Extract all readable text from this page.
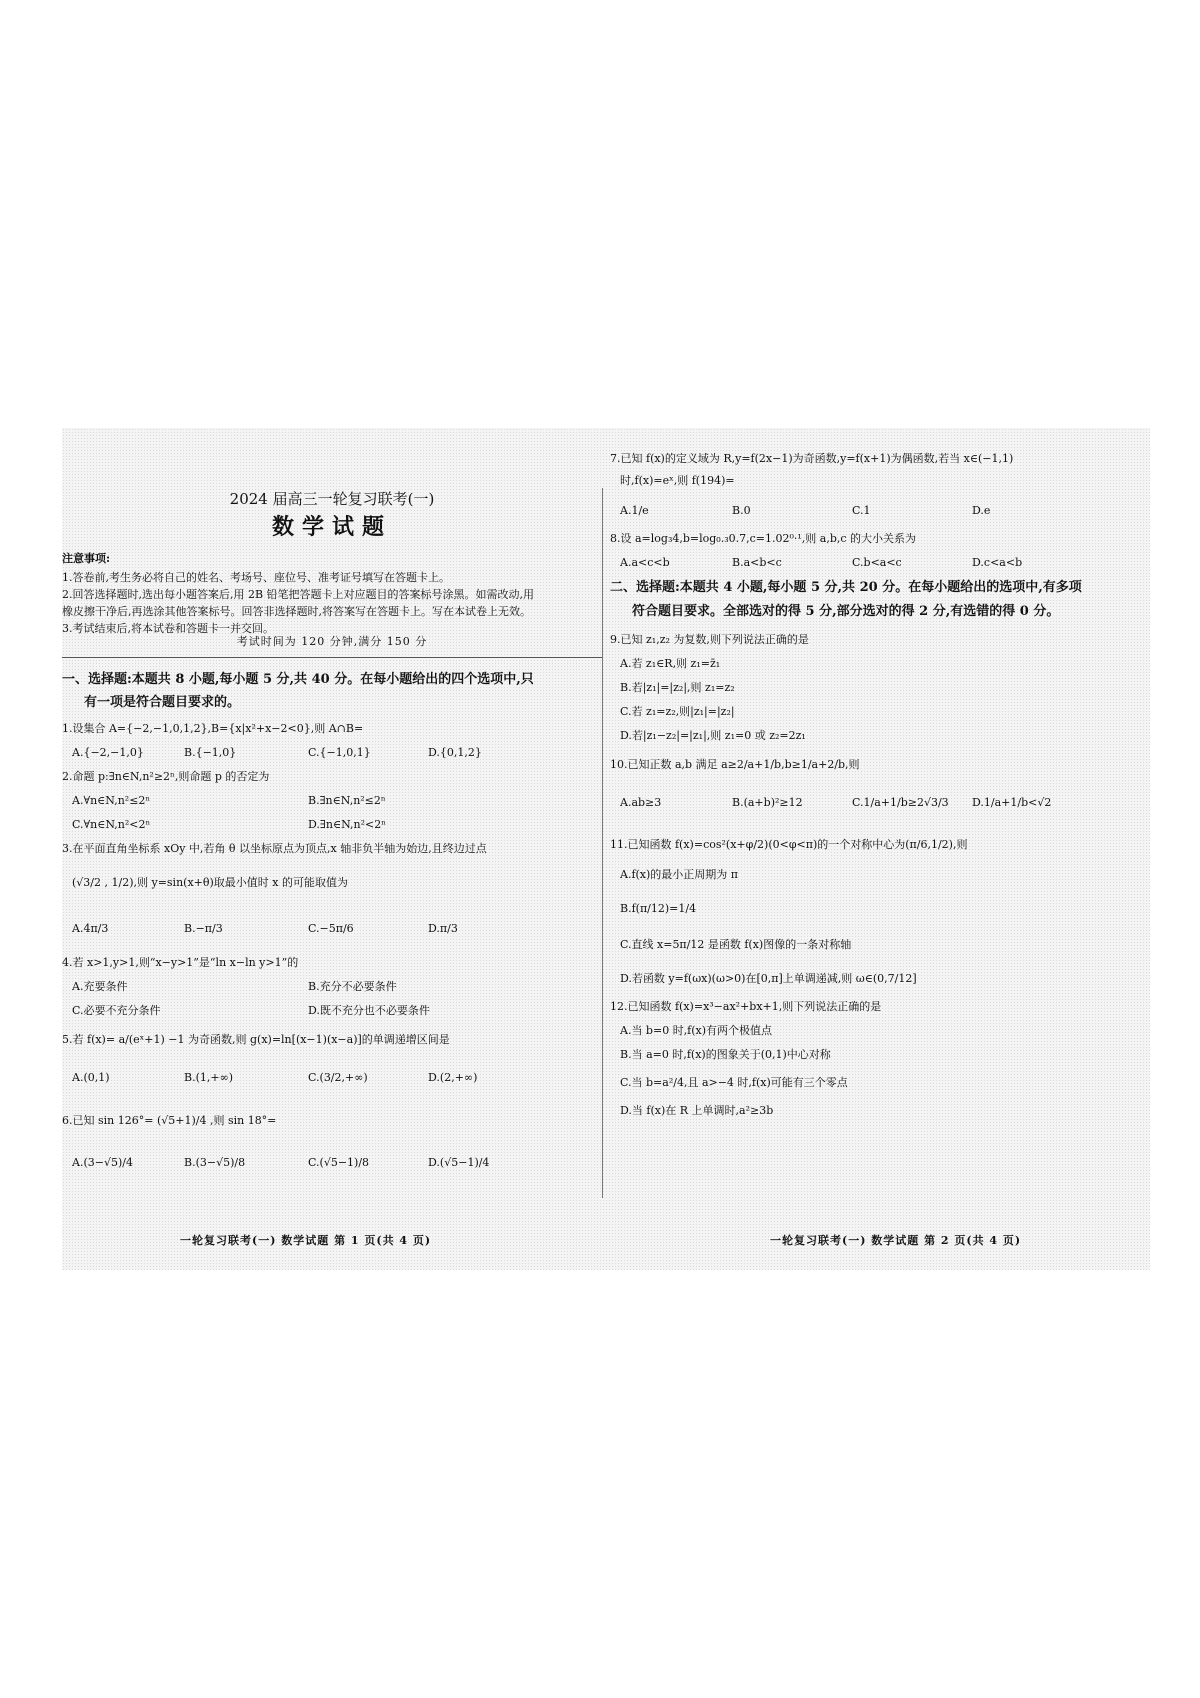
2024 届高三一轮复习联考(一)
数学试题
注意事项:
1.答卷前,考生务必将自己的姓名、考场号、座位号、准考证号填写在答题卡上。
2.回答选择题时,选出每小题答案后,用 2B 铅笔把答题卡上对应题目的答案标号涂黑。如需改动,用
橡皮擦干净后,再选涂其他答案标号。回答非选择题时,将答案写在答题卡上。写在本试卷上无效。
3.考试结束后,将本试卷和答题卡一并交回。
考试时间为 120 分钟,满分 150 分
一、选择题:本题共 8 小题,每小题 5 分,共 40 分。在每小题给出的四个选项中,只
有一项是符合题目要求的。
1.设集合 A={−2,−1,0,1,2},B={x|x²+x−2<0},则 A∩B=
A.{−2,−1,0}	B.{−1,0}	C.{−1,0,1}	D.{0,1,2}
2.命题 p:∃n∈N,n²≥2ⁿ,则命题 p 的否定为
A.∀n∈N,n²≤2ⁿ	B.∃n∈N,n²≤2ⁿ
C.∀n∈N,n²<2ⁿ	D.∃n∈N,n²<2ⁿ
3.在平面直角坐标系 xOy 中,若角 θ 以坐标原点为顶点,x 轴非负半轴为始边,且终边过点
(√3/2 , 1/2),则 y=sin(x+θ)取最小值时 x 的可能取值为
A.4π/3	B.−π/3	C.−5π/6	D.π/3
4.若 x>1,y>1,则“x−y>1”是“ln x−ln y>1”的
A.充要条件	B.充分不必要条件
C.必要不充分条件	D.既不充分也不必要条件
5.若 f(x)= a/(eˣ+1) −1 为奇函数,则 g(x)=ln[(x−1)(x−a)]的单调递增区间是
A.(0,1)	B.(1,+∞)	C.(3/2,+∞)	D.(2,+∞)
6.已知 sin 126°= (√5+1)/4 ,则 sin 18°=
A.(3−√5)/4	B.(3−√5)/8	C.(√5−1)/8	D.(√5−1)/4
一轮复习联考(一) 数学试题 第 1 页(共 4 页)
7.已知 f(x)的定义域为 R,y=f(2x−1)为奇函数,y=f(x+1)为偶函数,若当 x∈(−1,1)
时,f(x)=eˣ,则 f(194)=
A.1/e	B.0	C.1	D.e
8.设 a=log₃4,b=log₀.₃0.7,c=1.02⁰·¹,则 a,b,c 的大小关系为
A.a<c<b	B.a<b<c	C.b<a<c	D.c<a<b
二、选择题:本题共 4 小题,每小题 5 分,共 20 分。在每小题给出的选项中,有多项
符合题目要求。全部选对的得 5 分,部分选对的得 2 分,有选错的得 0 分。
9.已知 z₁,z₂ 为复数,则下列说法正确的是
A.若 z₁∈R,则 z₁=z̄₁
B.若|z₁|=|z₂|,则 z₁=z₂
C.若 z₁=z₂,则|z₁|=|z₂|
D.若|z₁−z₂|=|z₁|,则 z₁=0 或 z₂=2z₁
10.已知正数 a,b 满足 a≥2/a+1/b,b≥1/a+2/b,则
A.ab≥3	B.(a+b)²≥12	C.1/a+1/b≥2√3/3 D.1/a+1/b<√2
11.已知函数 f(x)=cos²(x+φ/2)(0<φ<π)的一个对称中心为(π/6,1/2),则
A.f(x)的最小正周期为 π
B.f(π/12)=1/4
C.直线 x=5π/12 是函数 f(x)图像的一条对称轴
D.若函数 y=f(ωx)(ω>0)在[0,π]上单调递减,则 ω∈(0,7/12]
12.已知函数 f(x)=x³−ax²+bx+1,则下列说法正确的是
A.当 b=0 时,f(x)有两个极值点
B.当 a=0 时,f(x)的图象关于(0,1)中心对称
C.当 b=a²/4,且 a>−4 时,f(x)可能有三个零点
D.当 f(x)在 R 上单调时,a²≥3b
一轮复习联考(一) 数学试题 第 2 页(共 4 页)
